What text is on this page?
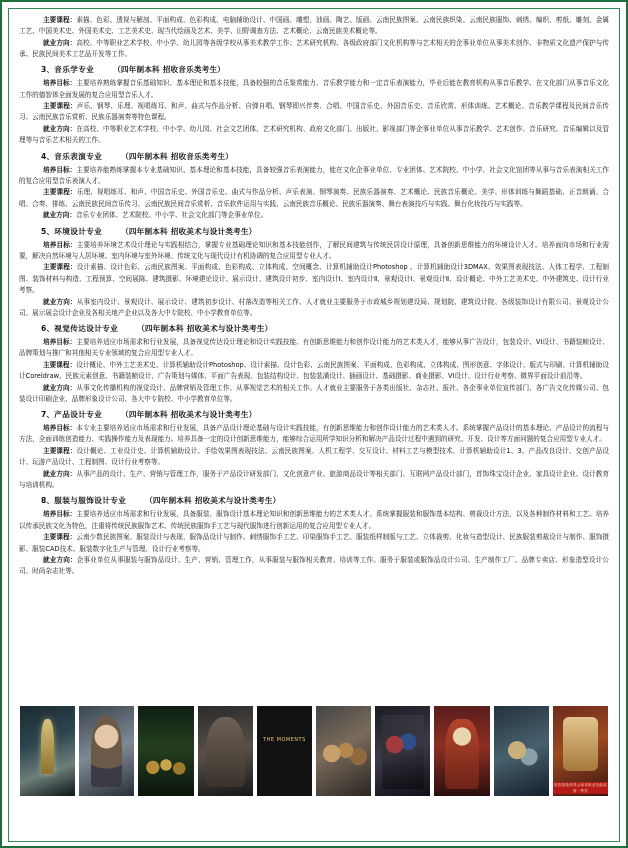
主要课程：素描、色彩、透视与解剖、平面构成、色彩构成、电脑辅助设计、中国画、雕塑、油画、陶艺、版画、云南民族图案、云南民族织染、云南民族服饰、刺绣、编织、剪纸、雕刻、金属工艺、中国美术史、外国美术史、工艺美术史、现当代绘画及艺术、美学、田野调查方法、艺术概论、云南民族美术概论等。

就业方向：高校、中等职业艺术学校、中小学、幼儿园等各级学校从事美术教学工作；艺术研究机构、各级政府部门文化机构等与艺术相关的企事业单位从事美术创作、非物质文化遗产保护与传承、民族民间美术工艺品开发等工作。

3、音乐学专业 （四年制本科 招收音乐类考生）

培养目标：主要培养熟练掌握音乐基础知识、基本理论和基本技能，具备较强的音乐鉴赏能力、音乐教学能力和一定音乐表演能力，毕业后能在教育机构从事音乐教学、在文化部门从事音乐文化工作的德智体全面发展的复合应用型音乐人才。

主要课程：声乐、钢琴、乐理、视唱练耳、和声、曲式与作品分析、自弹自唱、钢琴即兴伴奏、合唱、中国音乐史、外国音乐史、音乐欣赏、形体训练、艺术概论、音乐教学课程及民间音乐传习、云南民族音乐赏析、民族乐器演奏等特色课程。

就业方向：在高校、中等职业艺术学校、中小学、幼儿园、社会文艺团体、艺术研究机构、政府文化部门、出版社、影视部门等企事业单位从事音乐教学、艺术创作、音乐研究、音乐编辑以及管理等与音乐艺术相关的工作。

4、音乐表演专业 （四年制本科 招收音乐类考生）

培养目标：主要培养能熟练掌握本专业基础知识、基本理论和基本技能，具备较强音乐表演能力，能在文化企事业单位、专业团体、艺术院校、中小学、社会文化馆团等从事与音乐表演相关工作的复合应用型音乐表演人才。

主要课程：乐理、视唱练耳、和声、中国音乐史、外国音乐史、曲式与作品分析、声乐表演、钢琴演奏、民族乐器演奏、艺术概论、民族音乐概论、美学、形体训练与舞蹈基础、正音朗诵、合唱、合奏、排练、云南民族民间音乐传习、云南民族民间音乐赏析、音乐软件运用与实践、云南民族音乐概论、民族乐器演奏、舞台表演技巧与实践、舞台化妆技巧与实践等。

就业方向：音乐专业团体、艺术院校、中小学、社会文化部门等企事业单位。

5、环境设计专业 （四年制本科 招收美术与设计类考生）

培养目标：主要培养环境艺术设计理论与实践相结合，掌握专业基础理论知识和基本技能创作，了解民间建筑与传统民居设计原理，具备创新思维能力的环境设计人才。培养面向市场和行业需要，解决自然环境与人居环境、室内环境与室外环境、传统文化与现代设计有机协调的复合应用型专业人才。

主要课程：设计素描、设计色彩、云南民族图案、平面构成、色彩构成、立体构成、空间概念、计算机辅助设计Photoshop 、计算机辅助设计3DMAX、效果图表现技法、人体工程学、工程制图、装饰材料与构造、工程预算、空间展陈、建筑摄影、环境建论设计、展示设计、建筑设计初步、室内设计Ⅰ、室内设计Ⅱ、景观设计Ⅰ、景观设计Ⅱ、设计概论、中外工艺美术史、中外建筑史、设计行业考察。

就业方向：从事室内设计、景观设计、展示设计、建筑初步设计、村落改造等相关工作、人才就业主要服务于市政城乡规划建设局、规划院、建筑设计院、各级装饰设计有限公司、景观设计公司、展示展会设计企业及各相关地产企业以及各大中专院校、中小学教育单位等。

6、视觉传达设计专业 （四年制本科 招收美术与设计类考生）

培养目标：主要培养适应市场需求和行业发展，具备视觉传达设计理论和设计实践技能、有创新思维能力和创作设计能力的艺术类人才，能够从事广告设计，包装设计、VI设计、书籍装帧设计、品牌策划与推广和其他相关专业领域的复合应用型专业人才。

主要课程：设计概论、中外工艺美术史、计算机辅助设计Photoshop、设计素描、设计色彩、云南民族图案、平面构成、色彩构成、立体构成、图形创意、字体设计、版式与印刷、计算机辅助设计Coreldraw、民族元素创意、书籍装帧设计、广告策划与媒体、平面广告表现、包装结构设计、包装装潢设计、插画设计、基础摄影、商业摄影、VI设计、设计行业考察、微界平面设计前沿等。

就业方向：从事文化传播机构的视觉设计、品牌营销及管理工作、从事视觉艺术的相关工作。人才就业主要服务于各类出版社、杂志社、报社、各企事业单位宣传部门、各广告文化传媒公司、包装设计印刷企业、品牌形象设计公司、各大中专院校、中小学教育单位等。

7、产品设计专业 （四年制本科 招收美术与设计类考生）

培养目标：本专业主要培养适应市场需求和行业发展，具备产品设计理论基础与设计实践技能，有创新思维能力和创作设计能力的艺术类人才。系统掌握产品设计的基本理论、产品设计的流程与方法，全面训练创造能力、实践操作能力及表现能力。培养具备一定的设计创新思维能力，能够综合运用所学知识分析和解决产品设计过程中遇到的研究、开发、设计等方面问题的复合应用型专业人才。

主要课程：设计概论、工业设计史、计算机辅助设计、手绘效果图表现技法、云南民族图案、人机工程学、交互设计、材料工艺与模型技术、计算机辅助设计1、3、产品改良设计、交创产品设计、玩游产品设计、工程制图、设计行业考察等。

就业方向：从事产品的设计、生产、营销与管理工作，服务于产品设计研发部门、文化创意产业、旅游商品设计等相关部门、互联网产品设计部门，首饰珠宝设计企业、家具设计企业、设计教育与培训机构。

8、服装与服饰设计专业 （四年制本科 招收美术与设计类考生）

培养目标：主要培养适应市场需求和行业发展，具备服装、服饰设计基本理论知识和创新思维能力的艺术类人才。系统掌握服装和服饰基本结构、剪裁设计方法，以及各种制作材料和工艺。培养以传承民族文化为特色，注重将传统民族服饰艺术、传统民族服饰手工艺与现代服饰进行创新运用的复合应用型专业人才。

主要课程：云南少数民族图案、服装设计与表现、服饰品设计与制作、刺绣服饰手工艺、印染服饰手工艺、服装纸样制版与工艺、立体裁剪、化妆与造型设计、民族服装剪裁设计与制作、服饰摄影、服装CAD技术、服装数字化生产与管理、设计行业考察等。

就业方向：企事业单位从事服装与服饰品设计、生产、营销、管理工作，从事服装与服饰相关教育、培训等工作。服务于服装或服饰品设计公司、生产制作工厂、品牌专卖店、形象造型设计公司、时尚杂志社等。

THE MOMENTS
祝贺我校获得云南省职业技能竞赛一等奖
